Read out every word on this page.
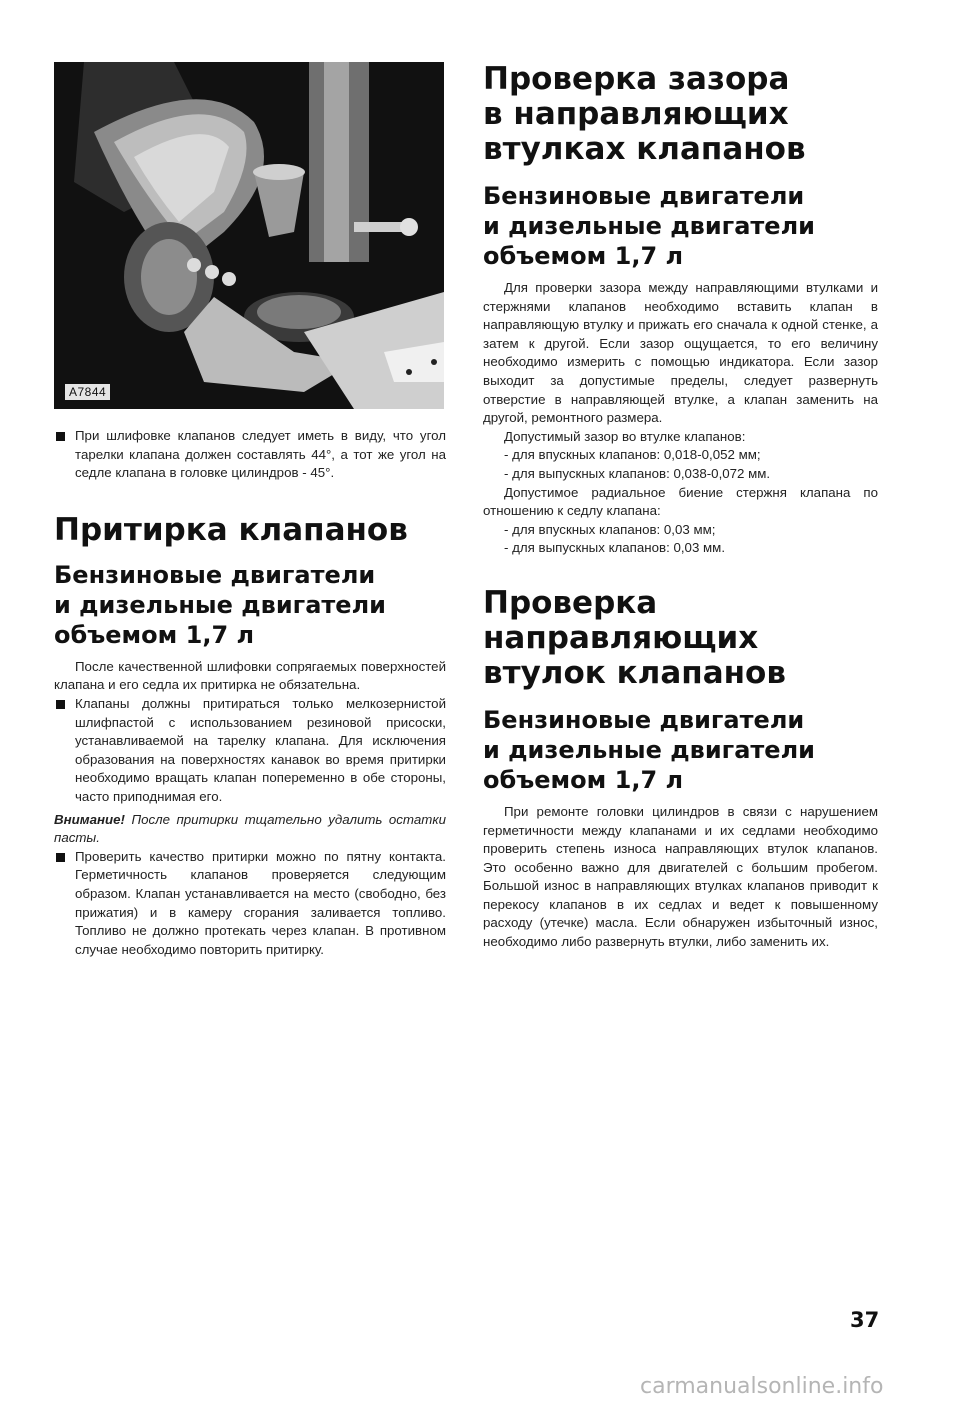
A7844

При шлифовке клапанов следует иметь в виду, что угол тарелки клапана должен составлять 44°, а тот же угол на седле клапана в головке цилиндров - 45°.

Притирка клапанов
Бензиновые двигатели
и дизельные двигатели
объемом 1,7 л

После качественной шлифовки сопрягаемых поверхностей клапана и его седла их притирка не обязательна.

Клапаны должны притираться только мелкозернистой шлифпастой с использованием резиновой присоски, устанавливаемой на тарелку клапана. Для исключения образования на поверхностях канавок во время притирки необходимо вращать клапан попеременно в обе стороны, часто приподнимая его.

Внимание! После притирки тщательно удалить остатки пасты.

Проверить качество притирки можно по пятну контакта. Герметичность клапанов проверяется следующим образом. Клапан устанавливается на место (свободно, без прижатия) и в камеру сгорания заливается топливо. Топливо не должно протекать через клапан. В противном случае необходимо повторить притирку.

Проверка зазора
в направляющих
втулках клапанов
Бензиновые двигатели
и дизельные двигатели
объемом 1,7 л

Для проверки зазора между направляющими втулками и стержнями клапанов необходимо вставить клапан в направляющую втулку и прижать его сначала к одной стенке, а затем к другой. Если зазор ощущается, то его величину необходимо измерить с помощью индикатора. Если зазор выходит за допустимые пределы, следует развернуть отверстие в направляющей втулке, а клапан заменить на другой, ремонтного размера.

Допустимый зазор во втулке клапанов:

- для впускных клапанов: 0,018-0,052 мм;

- для выпускных клапанов: 0,038-0,072 мм.

Допустимое радиальное биение стержня клапана по отношению к седлу клапана:

- для впускных клапанов: 0,03 мм;

- для выпускных клапанов: 0,03 мм.

Проверка
направляющих
втулок клапанов
Бензиновые двигатели
и дизельные двигатели
объемом 1,7 л

При ремонте головки цилиндров в связи с нарушением герметичности между клапанами и их седлами необходимо проверить степень износа направляющих втулок клапанов. Это особенно важно для двигателей с большим пробегом. Большой износ в направляющих втулках клапанов приводит к перекосу клапанов в их седлах и ведет к повышенному расходу (утечке) масла. Если обнаружен избыточный износ, необходимо либо развернуть втулки, либо заменить их.

37
carmanualsonline.info
